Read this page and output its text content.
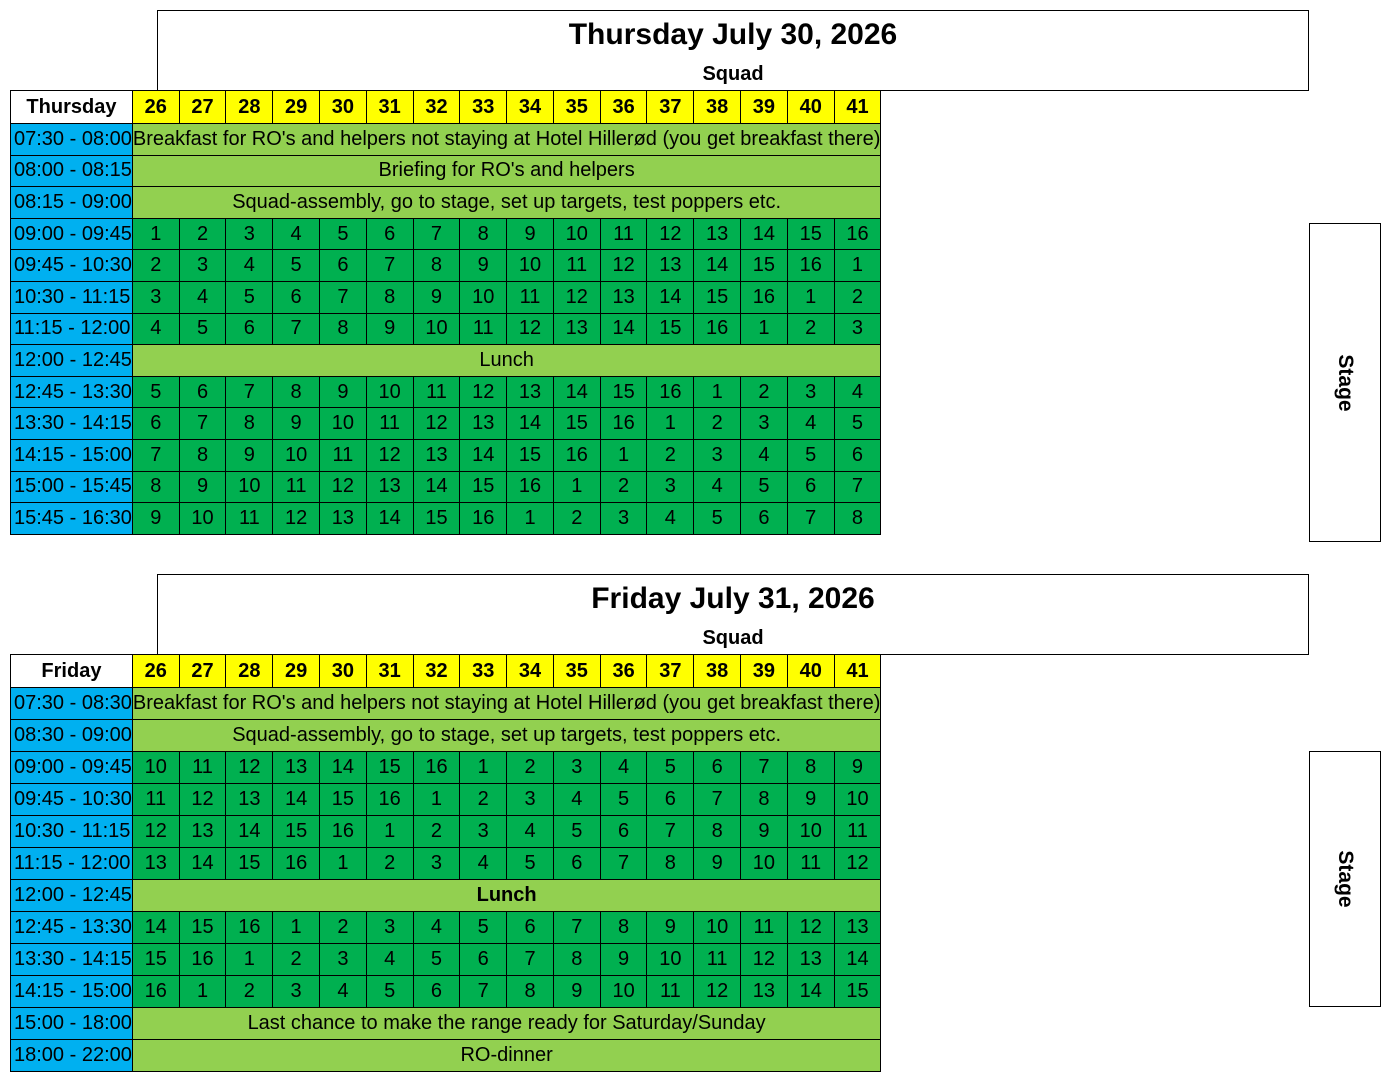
Thursday July 30, 2026
Squad
Thursday	26	27	28	29	30	31	32	33	34	35	36	37	38	39	40	41
07:30 - 08:00	Breakfast for RO's and helpers not staying at Hotel Hillerød (you get breakfast there)															
08:00 - 08:15	Briefing for RO's and helpers															
08:15 - 09:00	Squad-assembly, go to stage, set up targets, test poppers etc.															
09:00 - 09:45	1	2	3	4	5	6	7	8	9	10	11	12	13	14	15	16
09:45 - 10:30	2	3	4	5	6	7	8	9	10	11	12	13	14	15	16	1
10:30 - 11:15	3	4	5	6	7	8	9	10	11	12	13	14	15	16	1	2
11:15 - 12:00	4	5	6	7	8	9	10	11	12	13	14	15	16	1	2	3
12:00 - 12:45	Lunch															
12:45 - 13:30	5	6	7	8	9	10	11	12	13	14	15	16	1	2	3	4
13:30 - 14:15	6	7	8	9	10	11	12	13	14	15	16	1	2	3	4	5
14:15 - 15:00	7	8	9	10	11	12	13	14	15	16	1	2	3	4	5	6
15:00 - 15:45	8	9	10	11	12	13	14	15	16	1	2	3	4	5	6	7
15:45 - 16:30	9	10	11	12	13	14	15	16	1	2	3	4	5	6	7	8
Stage
Friday July 31, 2026
Squad
Friday	26	27	28	29	30	31	32	33	34	35	36	37	38	39	40	41
07:30 - 08:30	Breakfast for RO's and helpers not staying at Hotel Hillerød (you get breakfast there)															
08:30 - 09:00	Squad-assembly, go to stage, set up targets, test poppers etc.															
09:00 - 09:45	10	11	12	13	14	15	16	1	2	3	4	5	6	7	8	9
09:45 - 10:30	11	12	13	14	15	16	1	2	3	4	5	6	7	8	9	10
10:30 - 11:15	12	13	14	15	16	1	2	3	4	5	6	7	8	9	10	11
11:15 - 12:00	13	14	15	16	1	2	3	4	5	6	7	8	9	10	11	12
12:00 - 12:45	Lunch															
12:45 - 13:30	14	15	16	1	2	3	4	5	6	7	8	9	10	11	12	13
13:30 - 14:15	15	16	1	2	3	4	5	6	7	8	9	10	11	12	13	14
14:15 - 15:00	16	1	2	3	4	5	6	7	8	9	10	11	12	13	14	15
15:00 - 18:00	Last chance to make the range ready for Saturday/Sunday															
18:00 - 22:00	RO-dinner															
Stage
